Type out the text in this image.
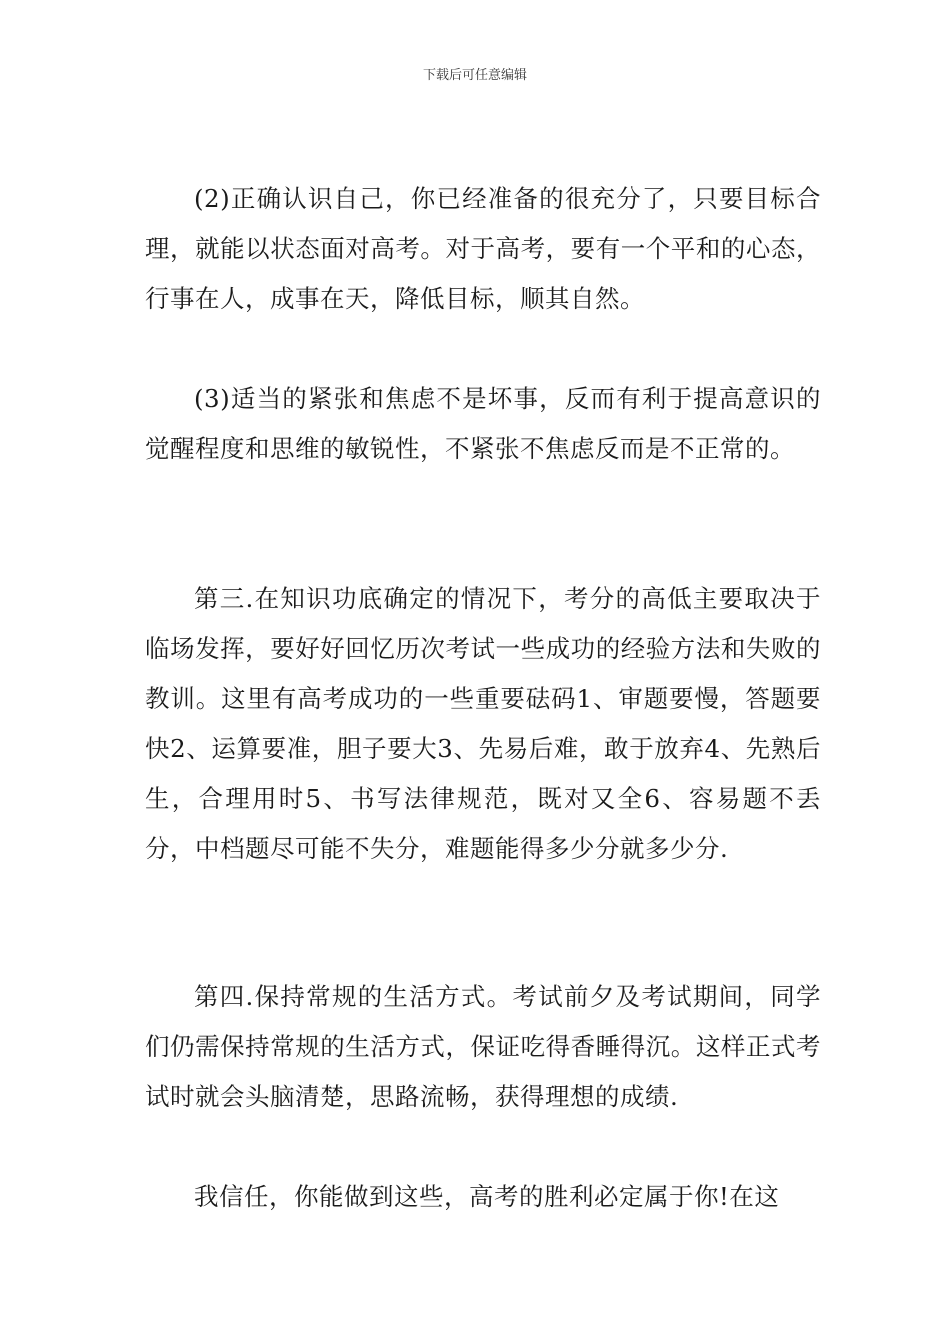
下载后可任意编辑

(2)正确认识自己，你已经准备的很充分了，只要目标合理，就能以状态面对高考。对于高考，要有一个平和的心态，行事在人，成事在天，降低目标，顺其自然。

(3)适当的紧张和焦虑不是坏事，反而有利于提高意识的觉醒程度和思维的敏锐性，不紧张不焦虑反而是不正常的。

第三.在知识功底确定的情况下，考分的高低主要取决于临场发挥，要好好回忆历次考试一些成功的经验方法和失败的教训。这里有高考成功的一些重要砝码1、审题要慢，答题要快2、运算要准，胆子要大3、先易后难，敢于放弃4、先熟后生，合理用时5、书写法律规范，既对又全6、容易题不丢分，中档题尽可能不失分，难题能得多少分就多少分.

第四.保持常规的生活方式。考试前夕及考试期间，同学们仍需保持常规的生活方式，保证吃得香睡得沉。这样正式考试时就会头脑清楚，思路流畅，获得理想的成绩.

我信任，你能做到这些，高考的胜利必定属于你!在这
